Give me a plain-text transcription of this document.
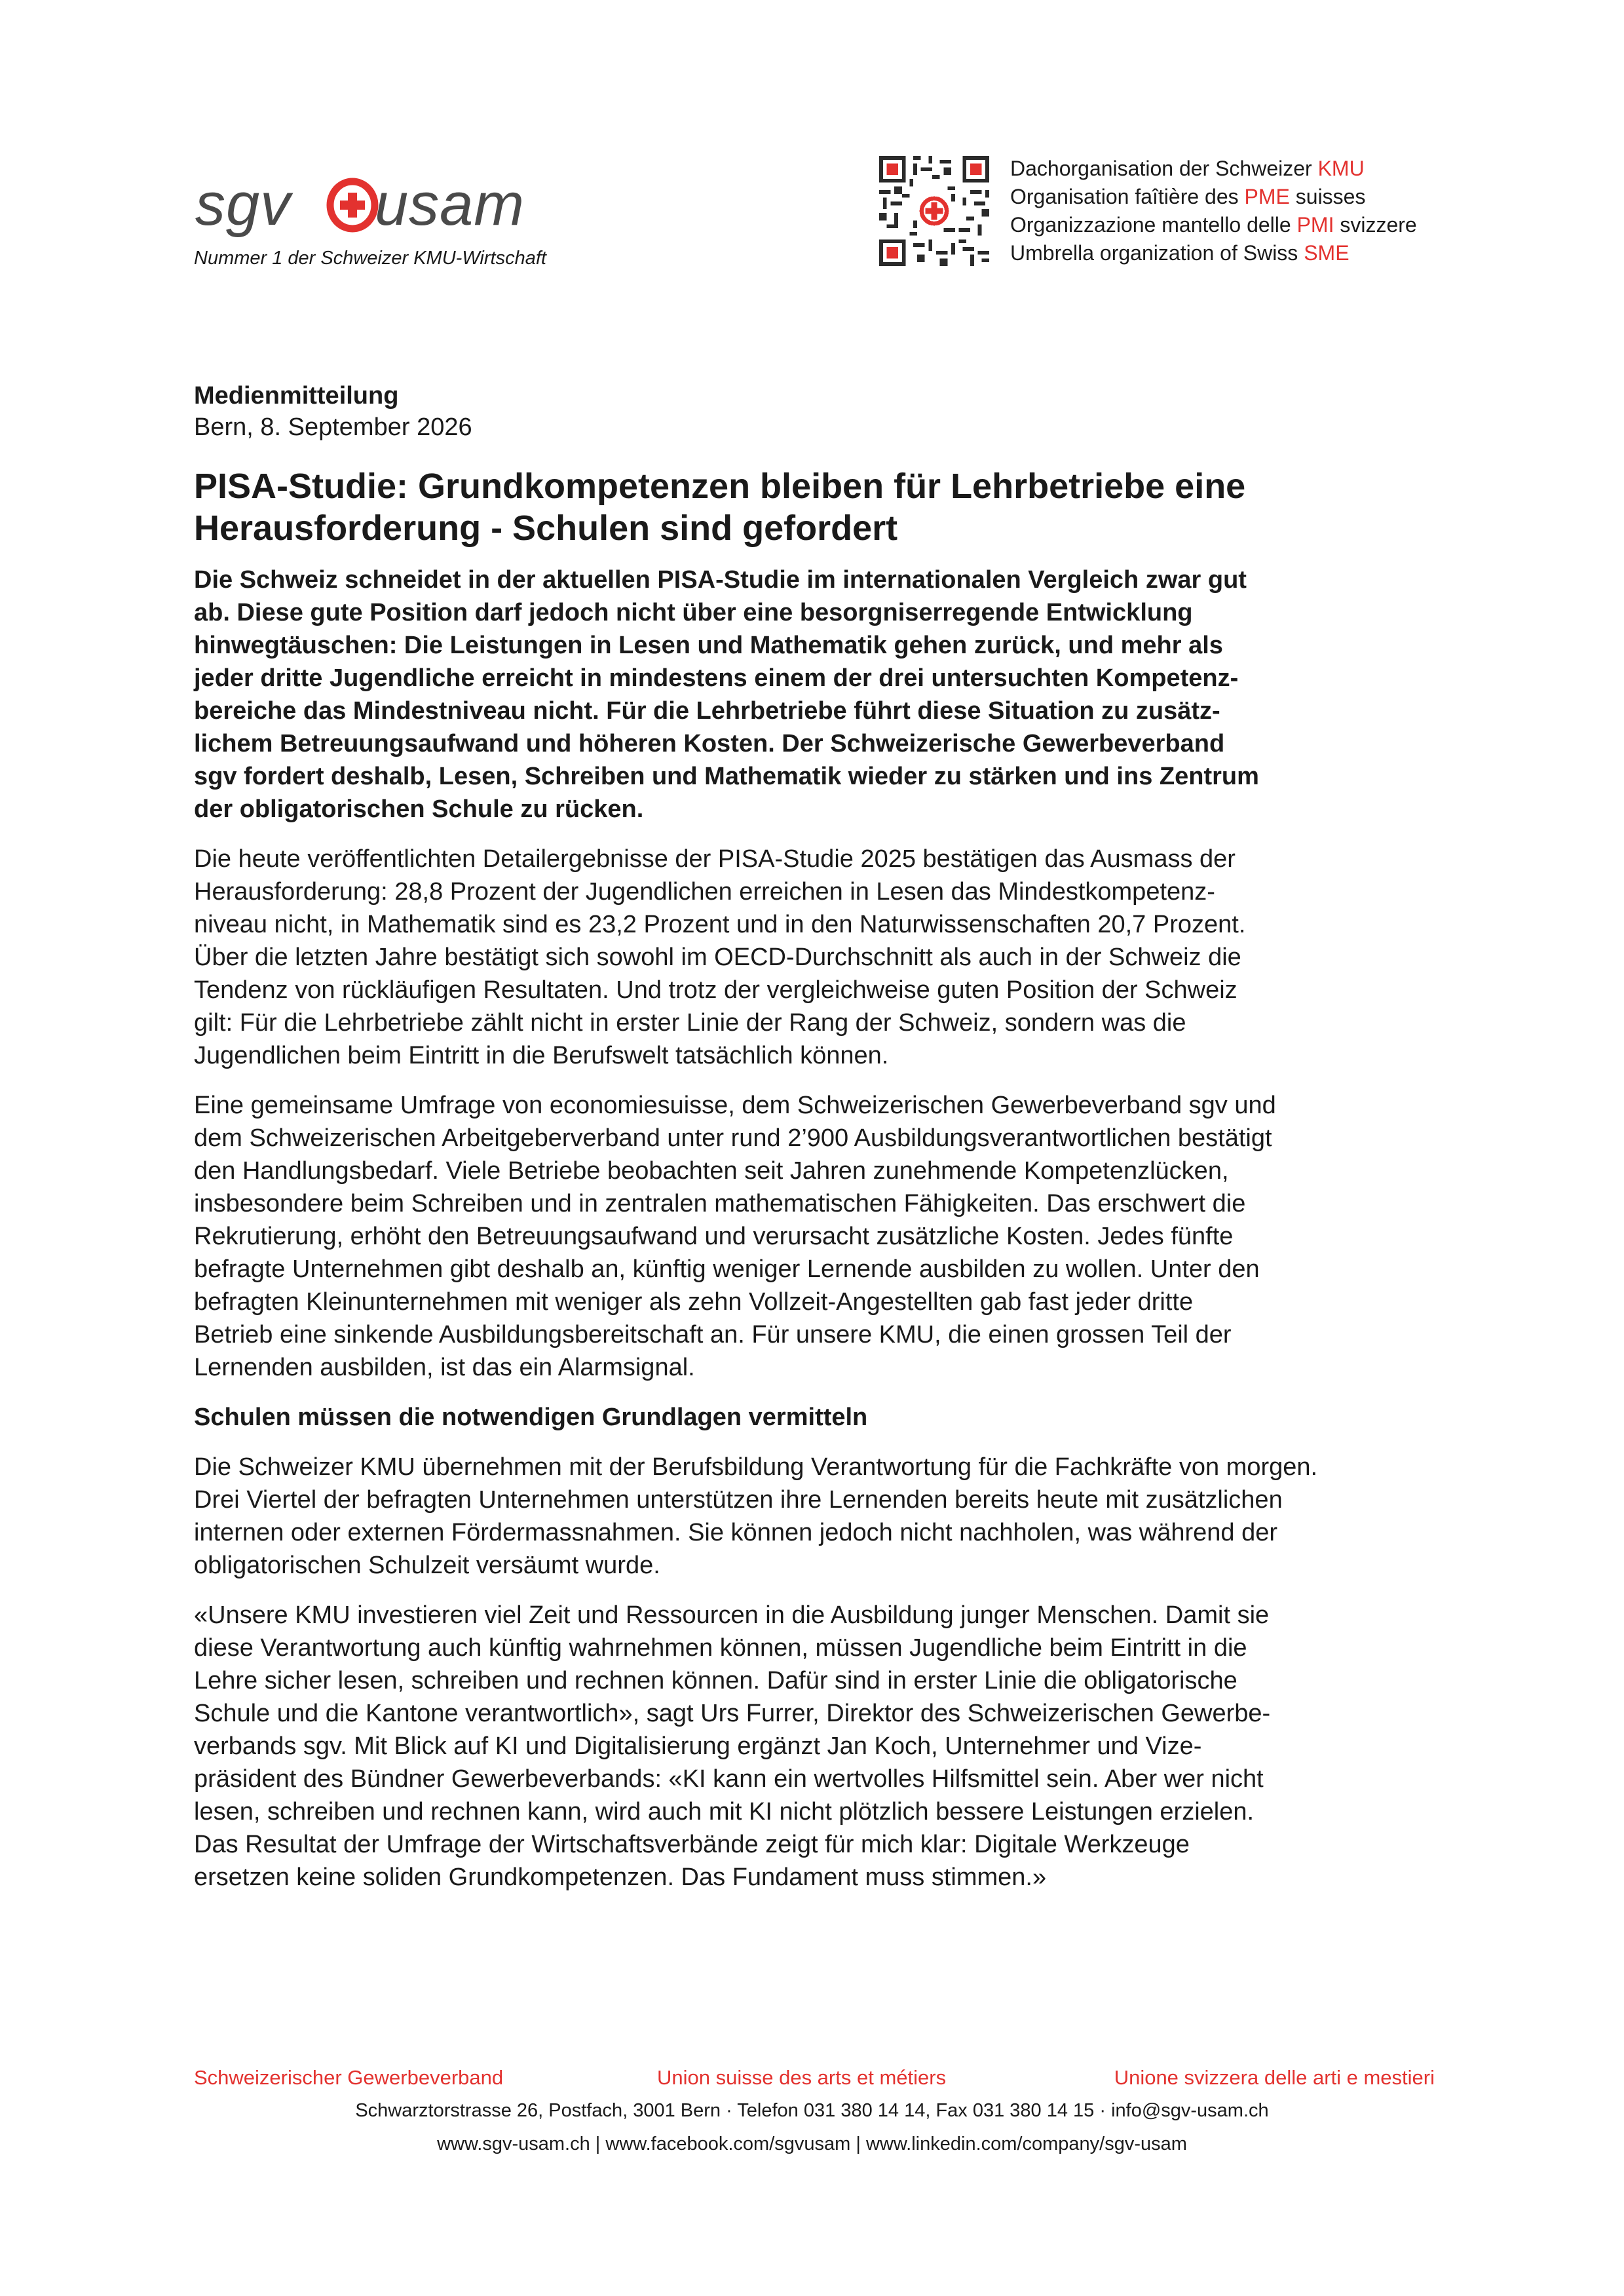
sgv usam
Nummer 1 der Schweizer KMU-Wirtschaft
Dachorganisation der Schweizer KMU
Organisation faîtière des PME suisses
Organizzazione mantello delle PMI svizzere
Umbrella organization of Swiss SME
Medienmitteilung
Bern, 8. September 2026
PISA-Studie: Grundkompetenzen bleiben für Lehrbetriebe eine
Herausforderung - Schulen sind gefordert
Die Schweiz schneidet in der aktuellen PISA-Studie im internationalen Vergleich zwar gut
ab. Diese gute Position darf jedoch nicht über eine besorgniserregende Entwicklung
hinwegtäuschen: Die Leistungen in Lesen und Mathematik gehen zurück, und mehr als
jeder dritte Jugendliche erreicht in mindestens einem der drei untersuchten Kompetenz-
bereiche das Mindestniveau nicht. Für die Lehrbetriebe führt diese Situation zu zusätz-
lichem Betreuungsaufwand und höheren Kosten. Der Schweizerische Gewerbeverband
sgv fordert deshalb, Lesen, Schreiben und Mathematik wieder zu stärken und ins Zentrum
der obligatorischen Schule zu rücken.
Die heute veröffentlichten Detailergebnisse der PISA-Studie 2025 bestätigen das Ausmass der
Herausforderung: 28,8 Prozent der Jugendlichen erreichen in Lesen das Mindestkompetenz-
niveau nicht, in Mathematik sind es 23,2 Prozent und in den Naturwissenschaften 20,7 Prozent.
Über die letzten Jahre bestätigt sich sowohl im OECD-Durchschnitt als auch in der Schweiz die
Tendenz von rückläufigen Resultaten. Und trotz der vergleichweise guten Position der Schweiz
gilt: Für die Lehrbetriebe zählt nicht in erster Linie der Rang der Schweiz, sondern was die
Jugendlichen beim Eintritt in die Berufswelt tatsächlich können.
Eine gemeinsame Umfrage von economiesuisse, dem Schweizerischen Gewerbeverband sgv und
dem Schweizerischen Arbeitgeberverband unter rund 2’900 Ausbildungsverantwortlichen bestätigt
den Handlungsbedarf. Viele Betriebe beobachten seit Jahren zunehmende Kompetenzlücken,
insbesondere beim Schreiben und in zentralen mathematischen Fähigkeiten. Das erschwert die
Rekrutierung, erhöht den Betreuungsaufwand und verursacht zusätzliche Kosten. Jedes fünfte
befragte Unternehmen gibt deshalb an, künftig weniger Lernende ausbilden zu wollen. Unter den
befragten Kleinunternehmen mit weniger als zehn Vollzeit-Angestellten gab fast jeder dritte
Betrieb eine sinkende Ausbildungsbereitschaft an. Für unsere KMU, die einen grossen Teil der
Lernenden ausbilden, ist das ein Alarmsignal.
Schulen müssen die notwendigen Grundlagen vermitteln
Die Schweizer KMU übernehmen mit der Berufsbildung Verantwortung für die Fachkräfte von morgen.
Drei Viertel der befragten Unternehmen unterstützen ihre Lernenden bereits heute mit zusätzlichen
internen oder externen Fördermassnahmen. Sie können jedoch nicht nachholen, was während der
obligatorischen Schulzeit versäumt wurde.
«Unsere KMU investieren viel Zeit und Ressourcen in die Ausbildung junger Menschen. Damit sie
diese Verantwortung auch künftig wahrnehmen können, müssen Jugendliche beim Eintritt in die
Lehre sicher lesen, schreiben und rechnen können. Dafür sind in erster Linie die obligatorische
Schule und die Kantone verantwortlich», sagt Urs Furrer, Direktor des Schweizerischen Gewerbe-
verbands sgv. Mit Blick auf KI und Digitalisierung ergänzt Jan Koch, Unternehmer und Vize-
präsident des Bündner Gewerbeverbands: «KI kann ein wertvolles Hilfsmittel sein. Aber wer nicht
lesen, schreiben und rechnen kann, wird auch mit KI nicht plötzlich bessere Leistungen erzielen.
Das Resultat der Umfrage der Wirtschaftsverbände zeigt für mich klar: Digitale Werkzeuge
ersetzen keine soliden Grundkompetenzen. Das Fundament muss stimmen.»
Schweizerischer Gewerbeverband	Union suisse des arts et métiers	Unione svizzera delle arti e mestieri
Schwarztorstrasse 26, Postfach, 3001 Bern · Telefon 031 380 14 14, Fax 031 380 14 15 · info@sgv-usam.ch
www.sgv-usam.ch | www.facebook.com/sgvusam | www.linkedin.com/company/sgv-usam
